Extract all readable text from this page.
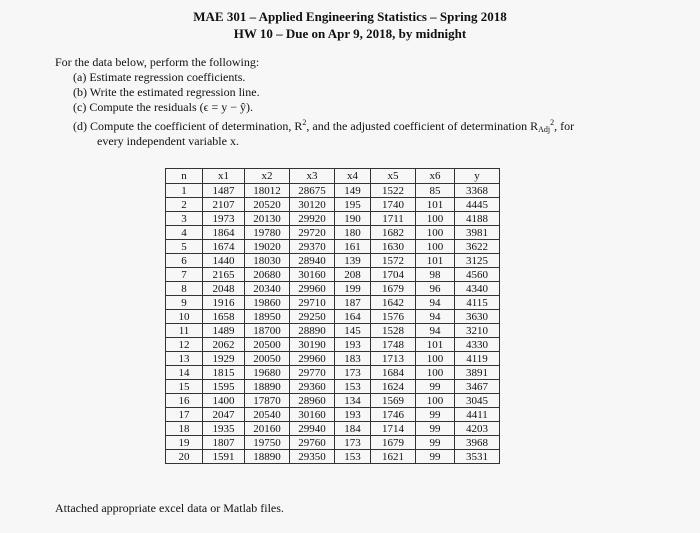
MAE 301 – Applied Engineering Statistics – Spring 2018
HW 10 – Due on Apr 9, 2018, by midnight
For the data below, perform the following:
(a) Estimate regression coefficients.
(b) Write the estimated regression line.
(c) Compute the residuals (ϵ = y − ŷ).
(d) Compute the coefficient of determination, $R^2$, and the adjusted coefficient of determination $R_{Adj}^2$, for
every independent variable x.
n	x1	x2	x3	x4	x5	x6	y
1	1487	18012	28675	149	1522	85	3368
2	2107	20520	30120	195	1740	101	4445
3	1973	20130	29920	190	1711	100	4188
4	1864	19780	29720	180	1682	100	3981
5	1674	19020	29370	161	1630	100	3622
6	1440	18030	28940	139	1572	101	3125
7	2165	20680	30160	208	1704	98	4560
8	2048	20340	29960	199	1679	96	4340
9	1916	19860	29710	187	1642	94	4115
10	1658	18950	29250	164	1576	94	3630
11	1489	18700	28890	145	1528	94	3210
12	2062	20500	30190	193	1748	101	4330
13	1929	20050	29960	183	1713	100	4119
14	1815	19680	29770	173	1684	100	3891
15	1595	18890	29360	153	1624	99	3467
16	1400	17870	28960	134	1569	100	3045
17	2047	20540	30160	193	1746	99	4411
18	1935	20160	29940	184	1714	99	4203
19	1807	19750	29760	173	1679	99	3968
20	1591	18890	29350	153	1621	99	3531
Attached appropriate excel data or Matlab files.
